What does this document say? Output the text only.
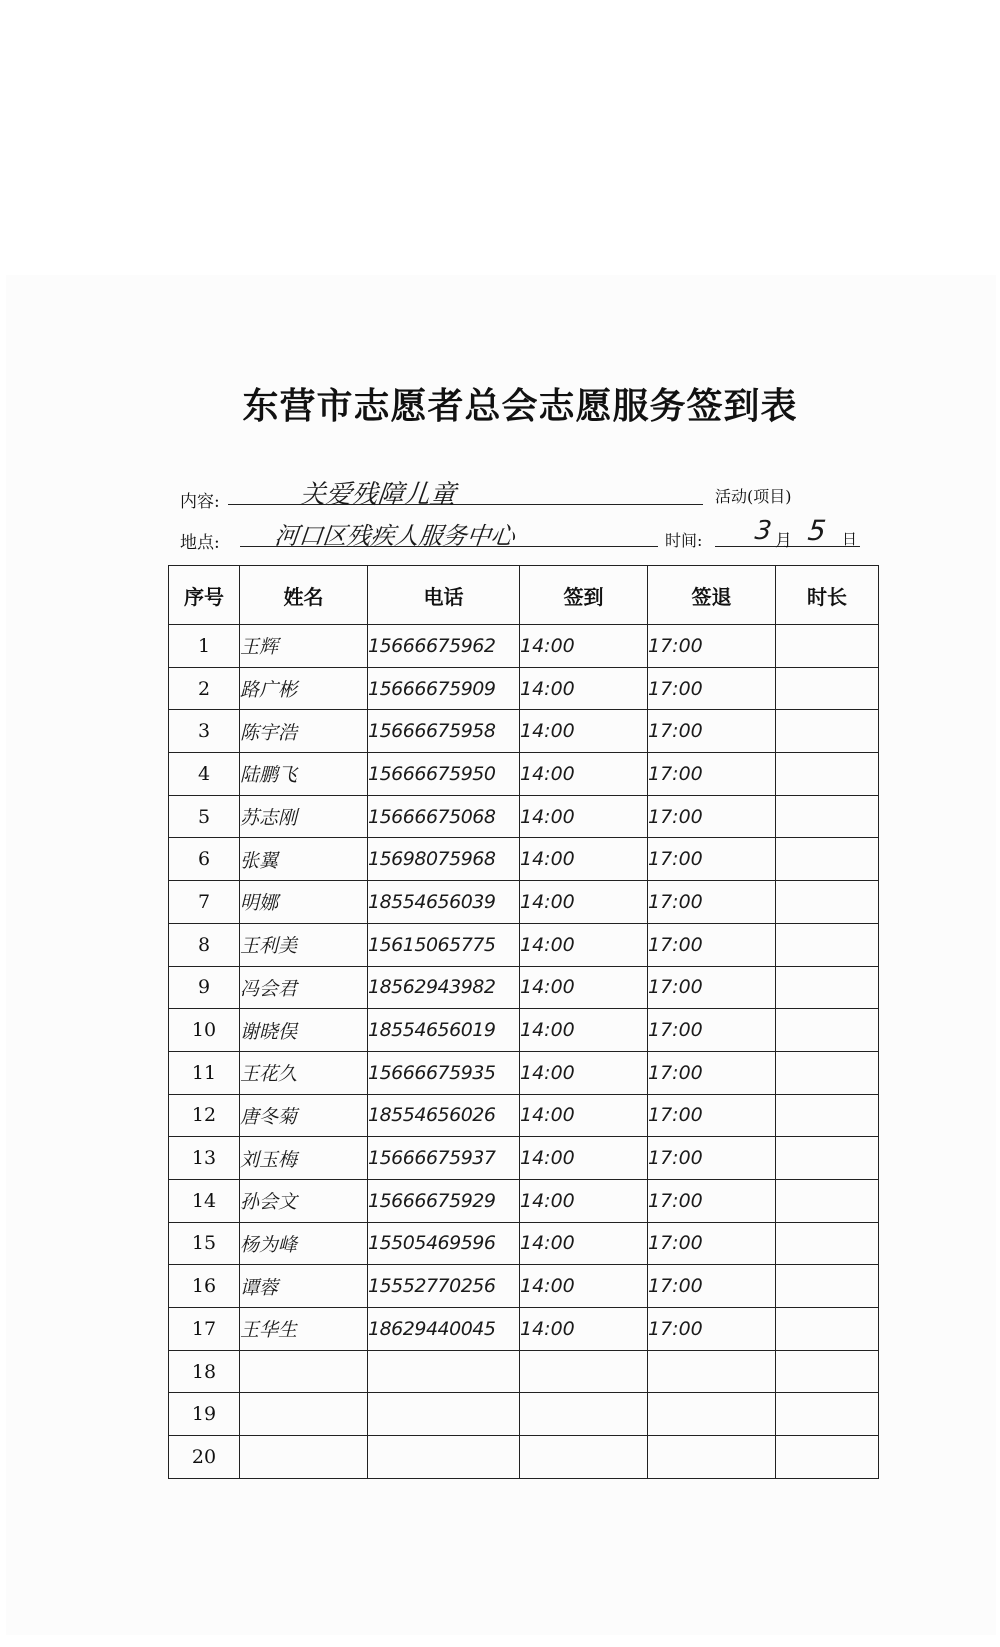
东营市志愿者总会志愿服务签到表
内容:	关爱残障儿童	活动(项目)
地点: 河口区残疾人服务中心	时间: 3 月 5 日
序号	姓名	电话	签到	签退	时长
1	王辉	15666675962	14:00	17:00	
2	路广彬	15666675909	14:00	17:00	
3	陈宇浩	15666675958	14:00	17:00	
4	陆鹏飞	15666675950	14:00	17:00	
5	苏志刚	15666675068	14:00	17:00	
6	张翼	15698075968	14:00	17:00	
7	明娜	18554656039	14:00	17:00	
8	王利美	15615065775	14:00	17:00	
9	冯会君	18562943982	14:00	17:00	
10	谢晓俣	18554656019	14:00	17:00	
11	王花久	15666675935	14:00	17:00	
12	唐冬菊	18554656026	14:00	17:00	
13	刘玉梅	15666675937	14:00	17:00	
14	孙会文	15666675929	14:00	17:00	
15	杨为峰	15505469596	14:00	17:00	
16	谭蓉	15552770256	14:00	17:00	
17	王华生	18629440045	14:00	17:00	
18					
19					
20					
